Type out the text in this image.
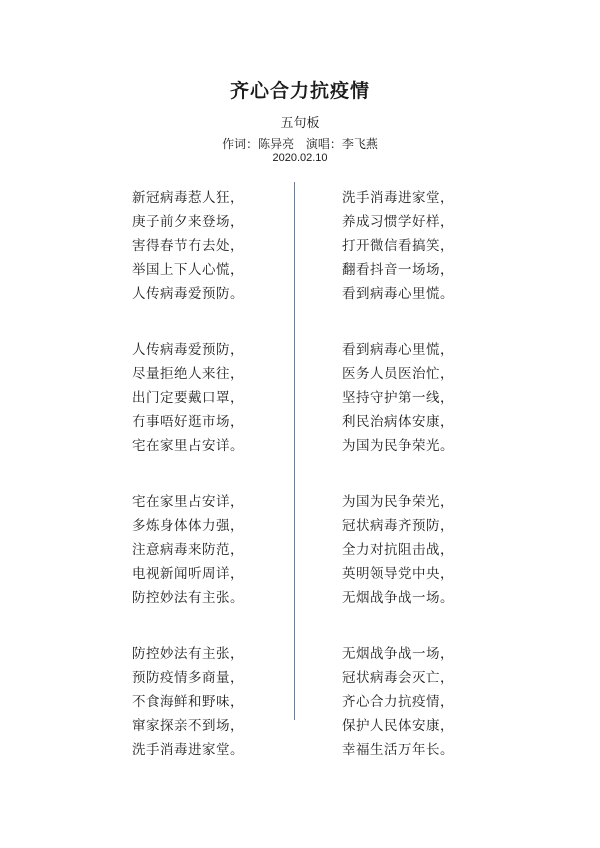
齐心合力抗疫情
五句板
作词：陈异亮 演唱：李飞燕
2020.02.10
新冠病毒惹人狂，
庚子前夕来登场，
害得春节冇去处，
举国上下人心慌，
人传病毒爱预防。
人传病毒爱预防，
尽量拒绝人来往，
出门定要戴口罩，
冇事唔好逛市场，
宅在家里占安详。
宅在家里占安详，
多炼身体体力强，
注意病毒来防范，
电视新闻听周详，
防控妙法有主张。
防控妙法有主张，
预防疫情多商量，
不食海鲜和野味，
窜家探亲不到场，
洗手消毒进家堂。
洗手消毒进家堂，
养成习惯学好样，
打开微信看搞笑，
翻看抖音一场场，
看到病毒心里慌。
看到病毒心里慌，
医务人员医治忙，
坚持守护第一线，
利民治病体安康，
为国为民争荣光。
为国为民争荣光，
冠状病毒齐预防，
全力对抗阻击战，
英明领导党中央，
无烟战争战一场。
无烟战争战一场，
冠状病毒会灭亡，
齐心合力抗疫情，
保护人民体安康，
幸福生活万年长。
